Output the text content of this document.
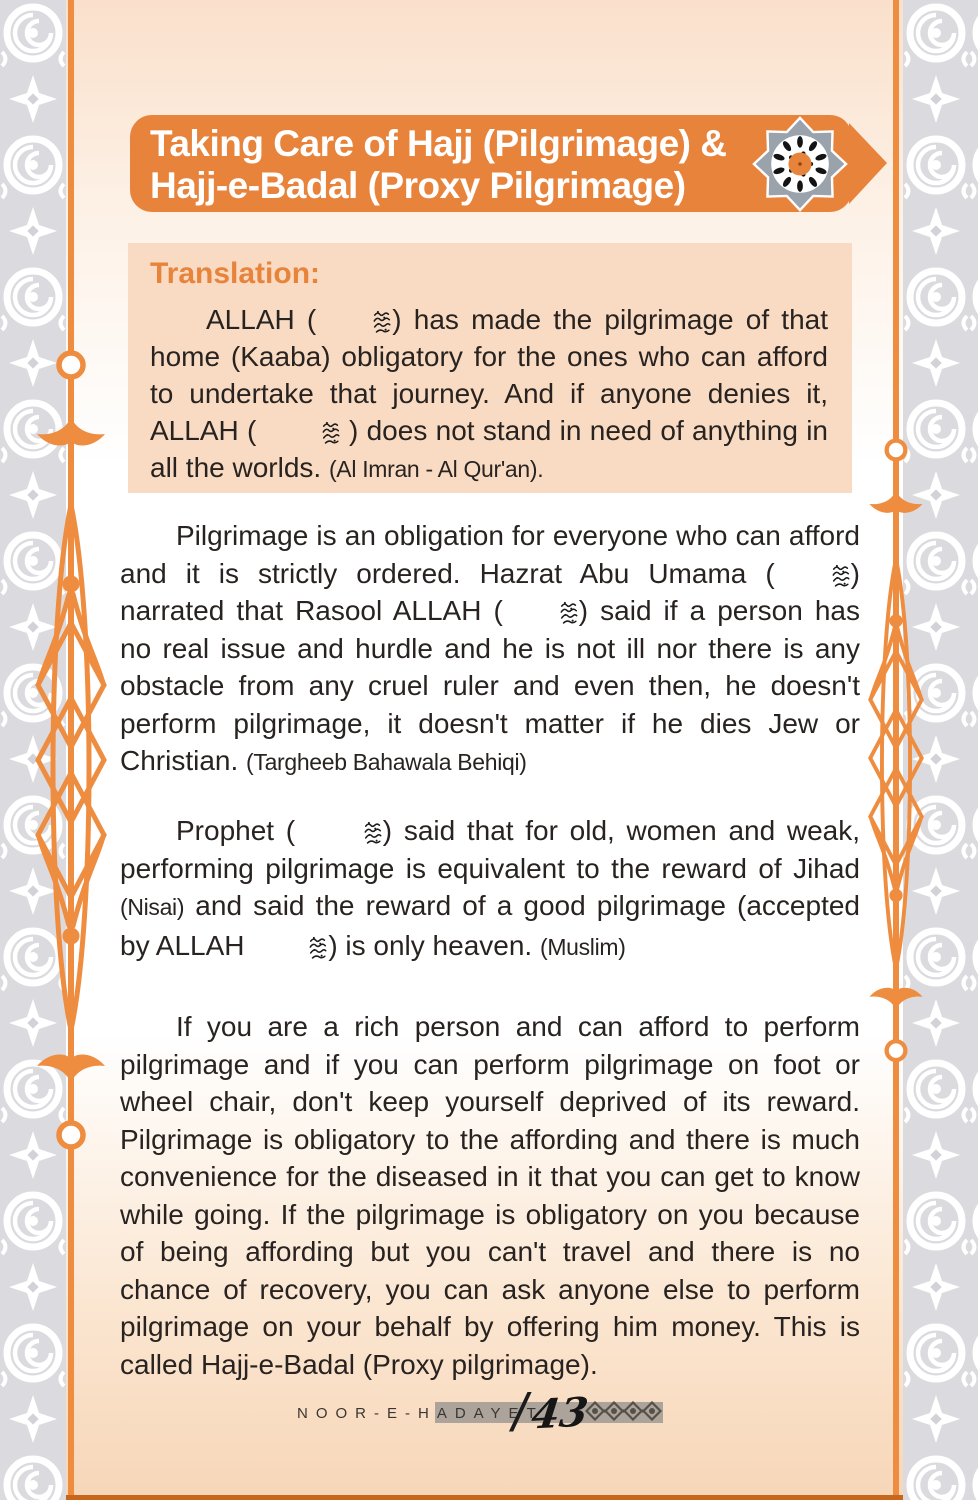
Taking Care of Hajj (Pilgrimage) &
Hajj-e-Badal (Proxy Pilgrimage)
Translation:

ALLAH (	) has made the pilgrimage of that home (Kaaba) obligatory for the ones who can afford to undertake that journey. And if anyone denies it, ALLAH (	) does not stand in need of anything in all the worlds. (Al Imran - Al Qur'an).

Pilgrimage is an obligation for everyone who can afford and it is strictly ordered. Hazrat Abu Umama (	) narrated that Rasool ALLAH (	) said if a person has no real issue and hurdle and he is not ill nor there is any obstacle from any cruel ruler and even then, he doesn't perform pilgrimage, it doesn't matter if he dies Jew or Christian. (Targheeb Bahawala Behiqi)

Prophet (	) said that for old, women and weak, performing pilgrimage is equivalent to the reward of Jihad (Nisai) and said the reward of a good pilgrimage (accepted by ALLAH	) is only heaven. (Muslim)

If you are a rich person and can afford to perform pilgrimage and if you can perform pilgrimage on foot or wheel chair, don't keep yourself deprived of its reward. Pilgrimage is obligatory to the affording and there is much convenience for the diseased in it that you can get to know while going. If the pilgrimage is obligatory on you because of being affording but you can't travel and there is no chance of recovery, you can ask anyone else to perform pilgrimage on your behalf by offering him money. This is called Hajj-e-Badal (Proxy pilgrimage).

NOOR-E-HADAYET
/ 43
